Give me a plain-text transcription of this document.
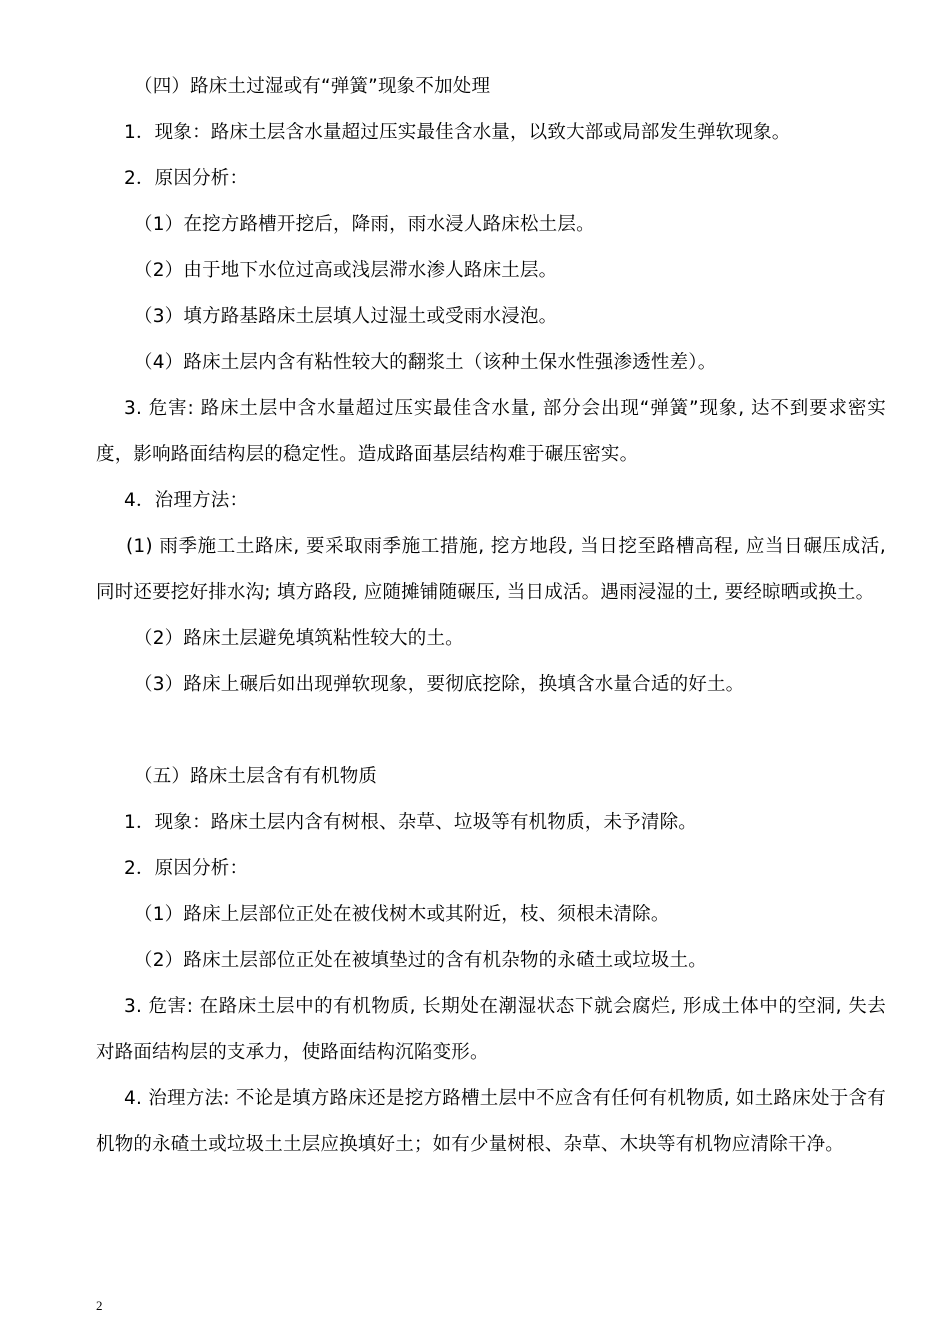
（四）路床土过湿或有“弹簧”现象不加处理
1．现象：路床土层含水量超过压实最佳含水量，以致大部或局部发生弹软现象。
2．原因分析：
（1）在挖方路槽开挖后，降雨，雨水浸人路床松土层。
（2）由于地下水位过高或浅层滞水渗人路床土层。
（3）填方路基路床土层填人过湿土或受雨水浸泡。
（4）路床土层内含有粘性较大的翻浆土（该种土保水性强渗透性差）。
3. 危害: 路床土层中含水量超过压实最佳含水量, 部分会出现“弹簧”现象, 达不到要求密实度，影响路面结构层的稳定性。造成路面基层结构难于碾压密实。
4．治理方法：
(1) 雨季施工土路床, 要采取雨季施工措施, 挖方地段, 当日挖至路槽高程, 应当日碾压成活,同时还要挖好排水沟; 填方路段, 应随摊铺随碾压, 当日成活。遇雨浸湿的土, 要经晾晒或换土。
（2）路床土层避免填筑粘性较大的土。
（3）路床上碾后如出现弹软现象，要彻底挖除，换填含水量合适的好土。
（五）路床土层含有有机物质
1．现象：路床土层内含有树根、杂草、垃圾等有机物质，未予清除。
2．原因分析：
（1）路床上层部位正处在被伐树木或其附近，枝、须根未清除。
（2）路床土层部位正处在被填垫过的含有机杂物的永碴土或垃圾土。
3. 危害: 在路床土层中的有机物质, 长期处在潮湿状态下就会腐烂, 形成土体中的空洞, 失去对路面结构层的支承力，使路面结构沉陷变形。
4. 治理方法: 不论是填方路床还是挖方路槽土层中不应含有任何有机物质, 如土路床处于含有机物的永碴土或垃圾土土层应换填好土；如有少量树根、杂草、木块等有机物应清除干净。
2
